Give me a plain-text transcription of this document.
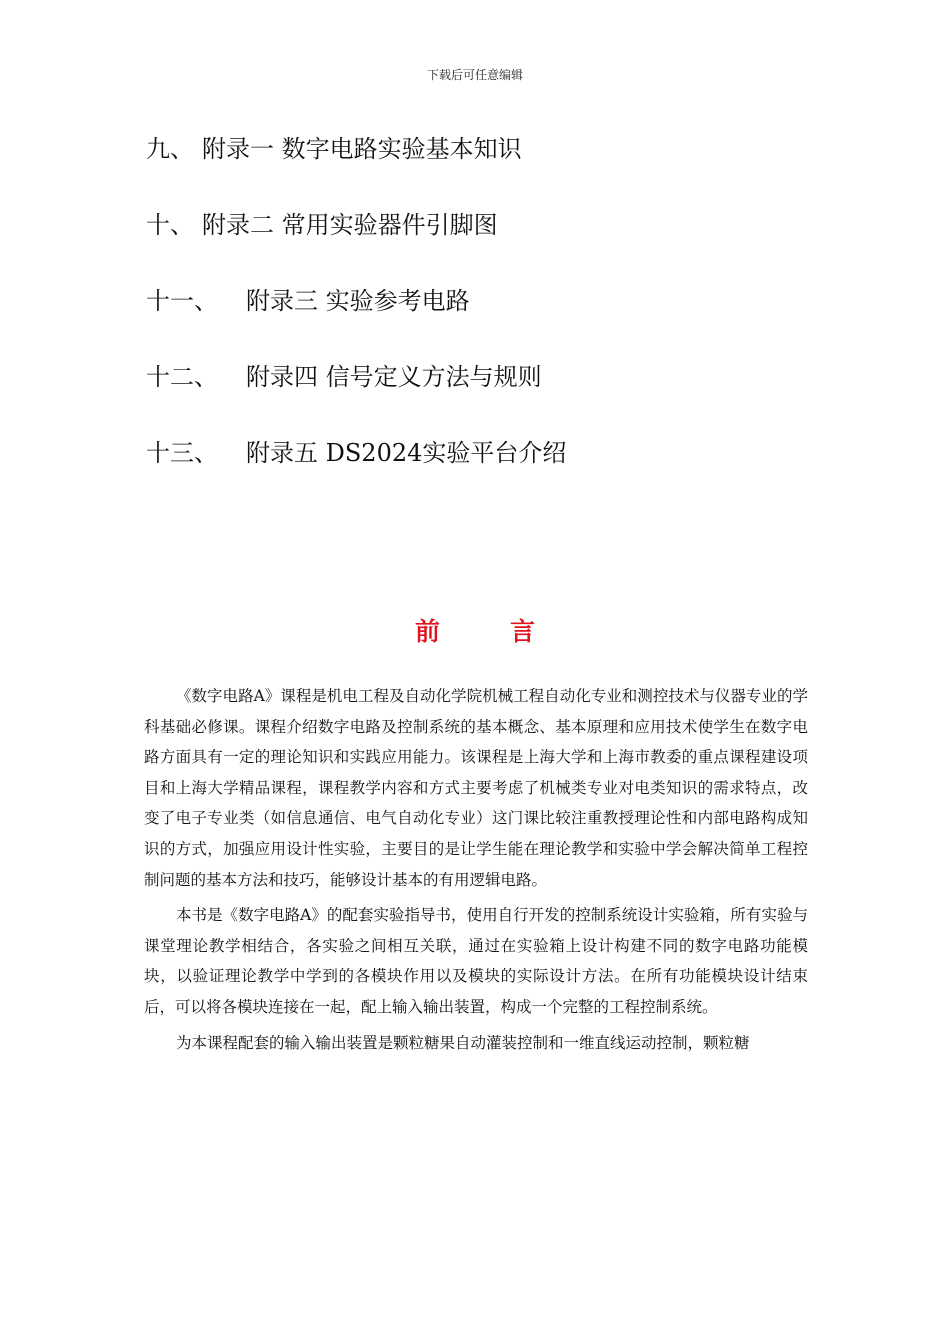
下载后可任意编辑
九、 附录一 数字电路实验基本知识
十、 附录二 常用实验器件引脚图
十一、 附录三 实验参考电路
十二、 附录四 信号定义方法与规则
十三、 附录五 DS2024实验平台介绍
前	言

《数字电路A》课程是机电工程及自动化学院机械工程自动化专业和测控技术与仪器专业的学科基础必修课。课程介绍数字电路及控制系统的基本概念、基本原理和应用技术使学生在数字电路方面具有一定的理论知识和实践应用能力。该课程是上海大学和上海市教委的重点课程建设项目和上海大学精品课程，课程教学内容和方式主要考虑了机械类专业对电类知识的需求特点，改变了电子专业类（如信息通信、电气自动化专业）这门课比较注重教授理论性和内部电路构成知识的方式，加强应用设计性实验，主要目的是让学生能在理论教学和实验中学会解决简单工程控制问题的基本方法和技巧，能够设计基本的有用逻辑电路。

本书是《数字电路A》的配套实验指导书，使用自行开发的控制系统设计实验箱，所有实验与课堂理论教学相结合，各实验之间相互关联，通过在实验箱上设计构建不同的数字电路功能模块，以验证理论教学中学到的各模块作用以及模块的实际设计方法。在所有功能模块设计结束后，可以将各模块连接在一起，配上输入输出装置，构成一个完整的工程控制系统。

为本课程配套的输入输出装置是颗粒糖果自动灌装控制和一维直线运动控制，颗粒糖
